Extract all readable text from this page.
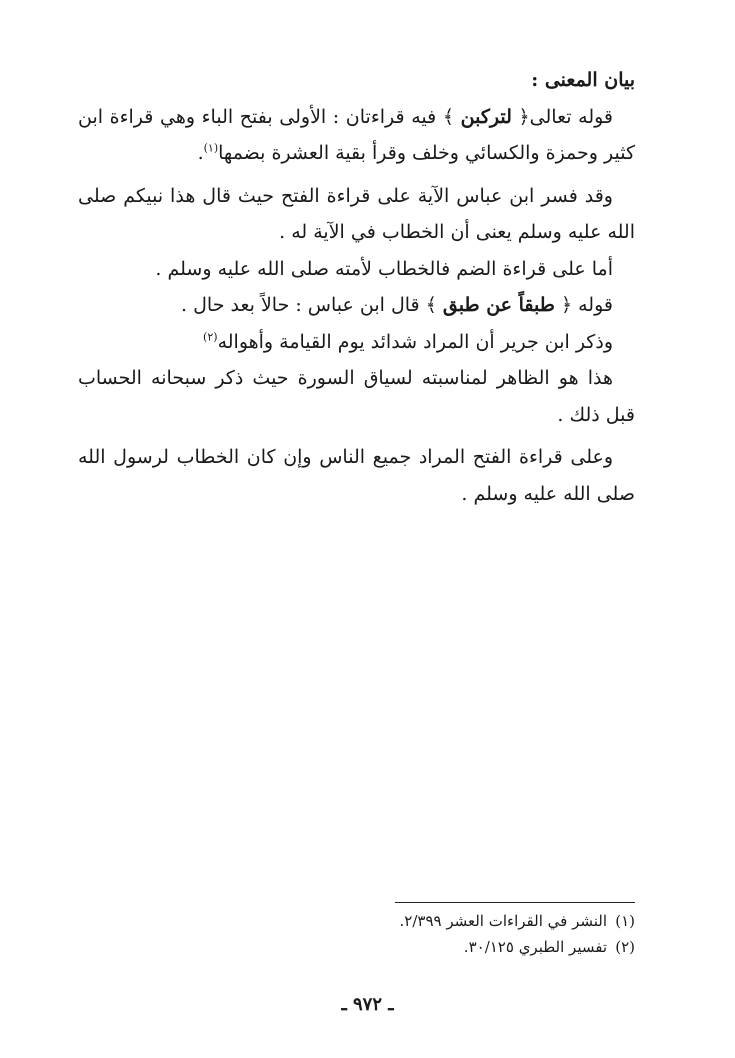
بيان المعنى :

قوله تعالى﴿ لتركبن ﴾ فيه قراءتان : الأولى بفتح الباء وهي قراءة ابن كثير وحمزة والكسائي وخلف وقرأ بقية العشرة بضمها$^{(١)}$.

وقد فسر ابن عباس الآية على قراءة الفتح حيث قال هذا نبيكم صلى الله عليه وسلم يعنى أن الخطاب في الآية له .

أما على قراءة الضم فالخطاب لأمته صلى الله عليه وسلم .

قوله ﴿ طبقاً عن طبق ﴾ قال ابن عباس : حالاً بعد حال .

وذكر ابن جرير أن المراد شدائد يوم القيامة وأهواله$^{(٢)}$

هذا هو الظاهر لمناسبته لسياق السورة حيث ذكر سبحانه الحساب قبل ذلك .

وعلى قراءة الفتح المراد جميع الناس وإن كان الخطاب لرسول الله صلى الله عليه وسلم .

(١)النشر في القراءات العشر ٢/٣٩٩.
(٢)تفسير الطبري ٣٠/١٢٥.
ـ ٩٧٢ ـ
